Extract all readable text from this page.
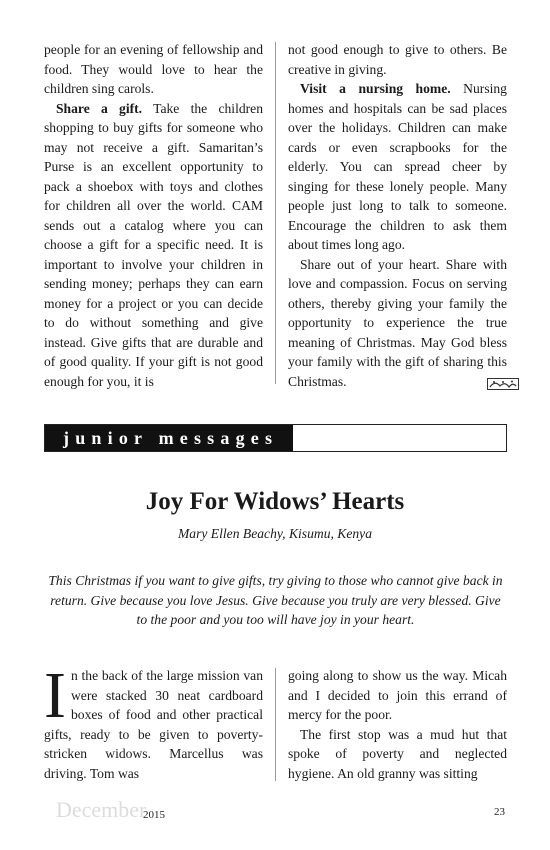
people for an evening of fellowship and food. They would love to hear the children sing carols.

Share a gift. Take the children shopping to buy gifts for someone who may not receive a gift. Samaritan’s Purse is an excellent opportunity to pack a shoebox with toys and clothes for children all over the world. CAM sends out a catalog where you can choose a gift for a specific need. It is important to involve your children in sending money; perhaps they can earn money for a project or you can decide to do without something and give instead. Give gifts that are durable and of good quality. If your gift is not good enough for you, it is

not good enough to give to others. Be creative in giving.

Visit a nursing home. Nursing homes and hospitals can be sad places over the holidays. Children can make cards or even scrapbooks for the elderly. You can spread cheer by singing for these lonely people. Many people just long to talk to someone. Encourage the children to ask them about times long ago.

Share out of your heart. Share with love and compassion. Focus on serving others, thereby giving your family the opportunity to experience the true meaning of Christmas. May God bless your family with the gift of sharing this Christmas.

junior messages
Joy For Widows’ Hearts
Mary Ellen Beachy, Kisumu, Kenya
This Christmas if you want to give gifts, try giving to those who cannot give back in return. Give because you love Jesus. Give because you truly are very blessed. Give to the poor and you too will have joy in your heart.

In the back of the large mission van were stacked 30 neat cardboard boxes of food and other practical gifts, ready to be given to poverty-stricken widows. Marcellus was driving. Tom was

going along to show us the way. Micah and I decided to join this errand of mercy for the poor.

The first stop was a mud hut that spoke of poverty and neglected hygiene. An old granny was sitting

December
2015	23
